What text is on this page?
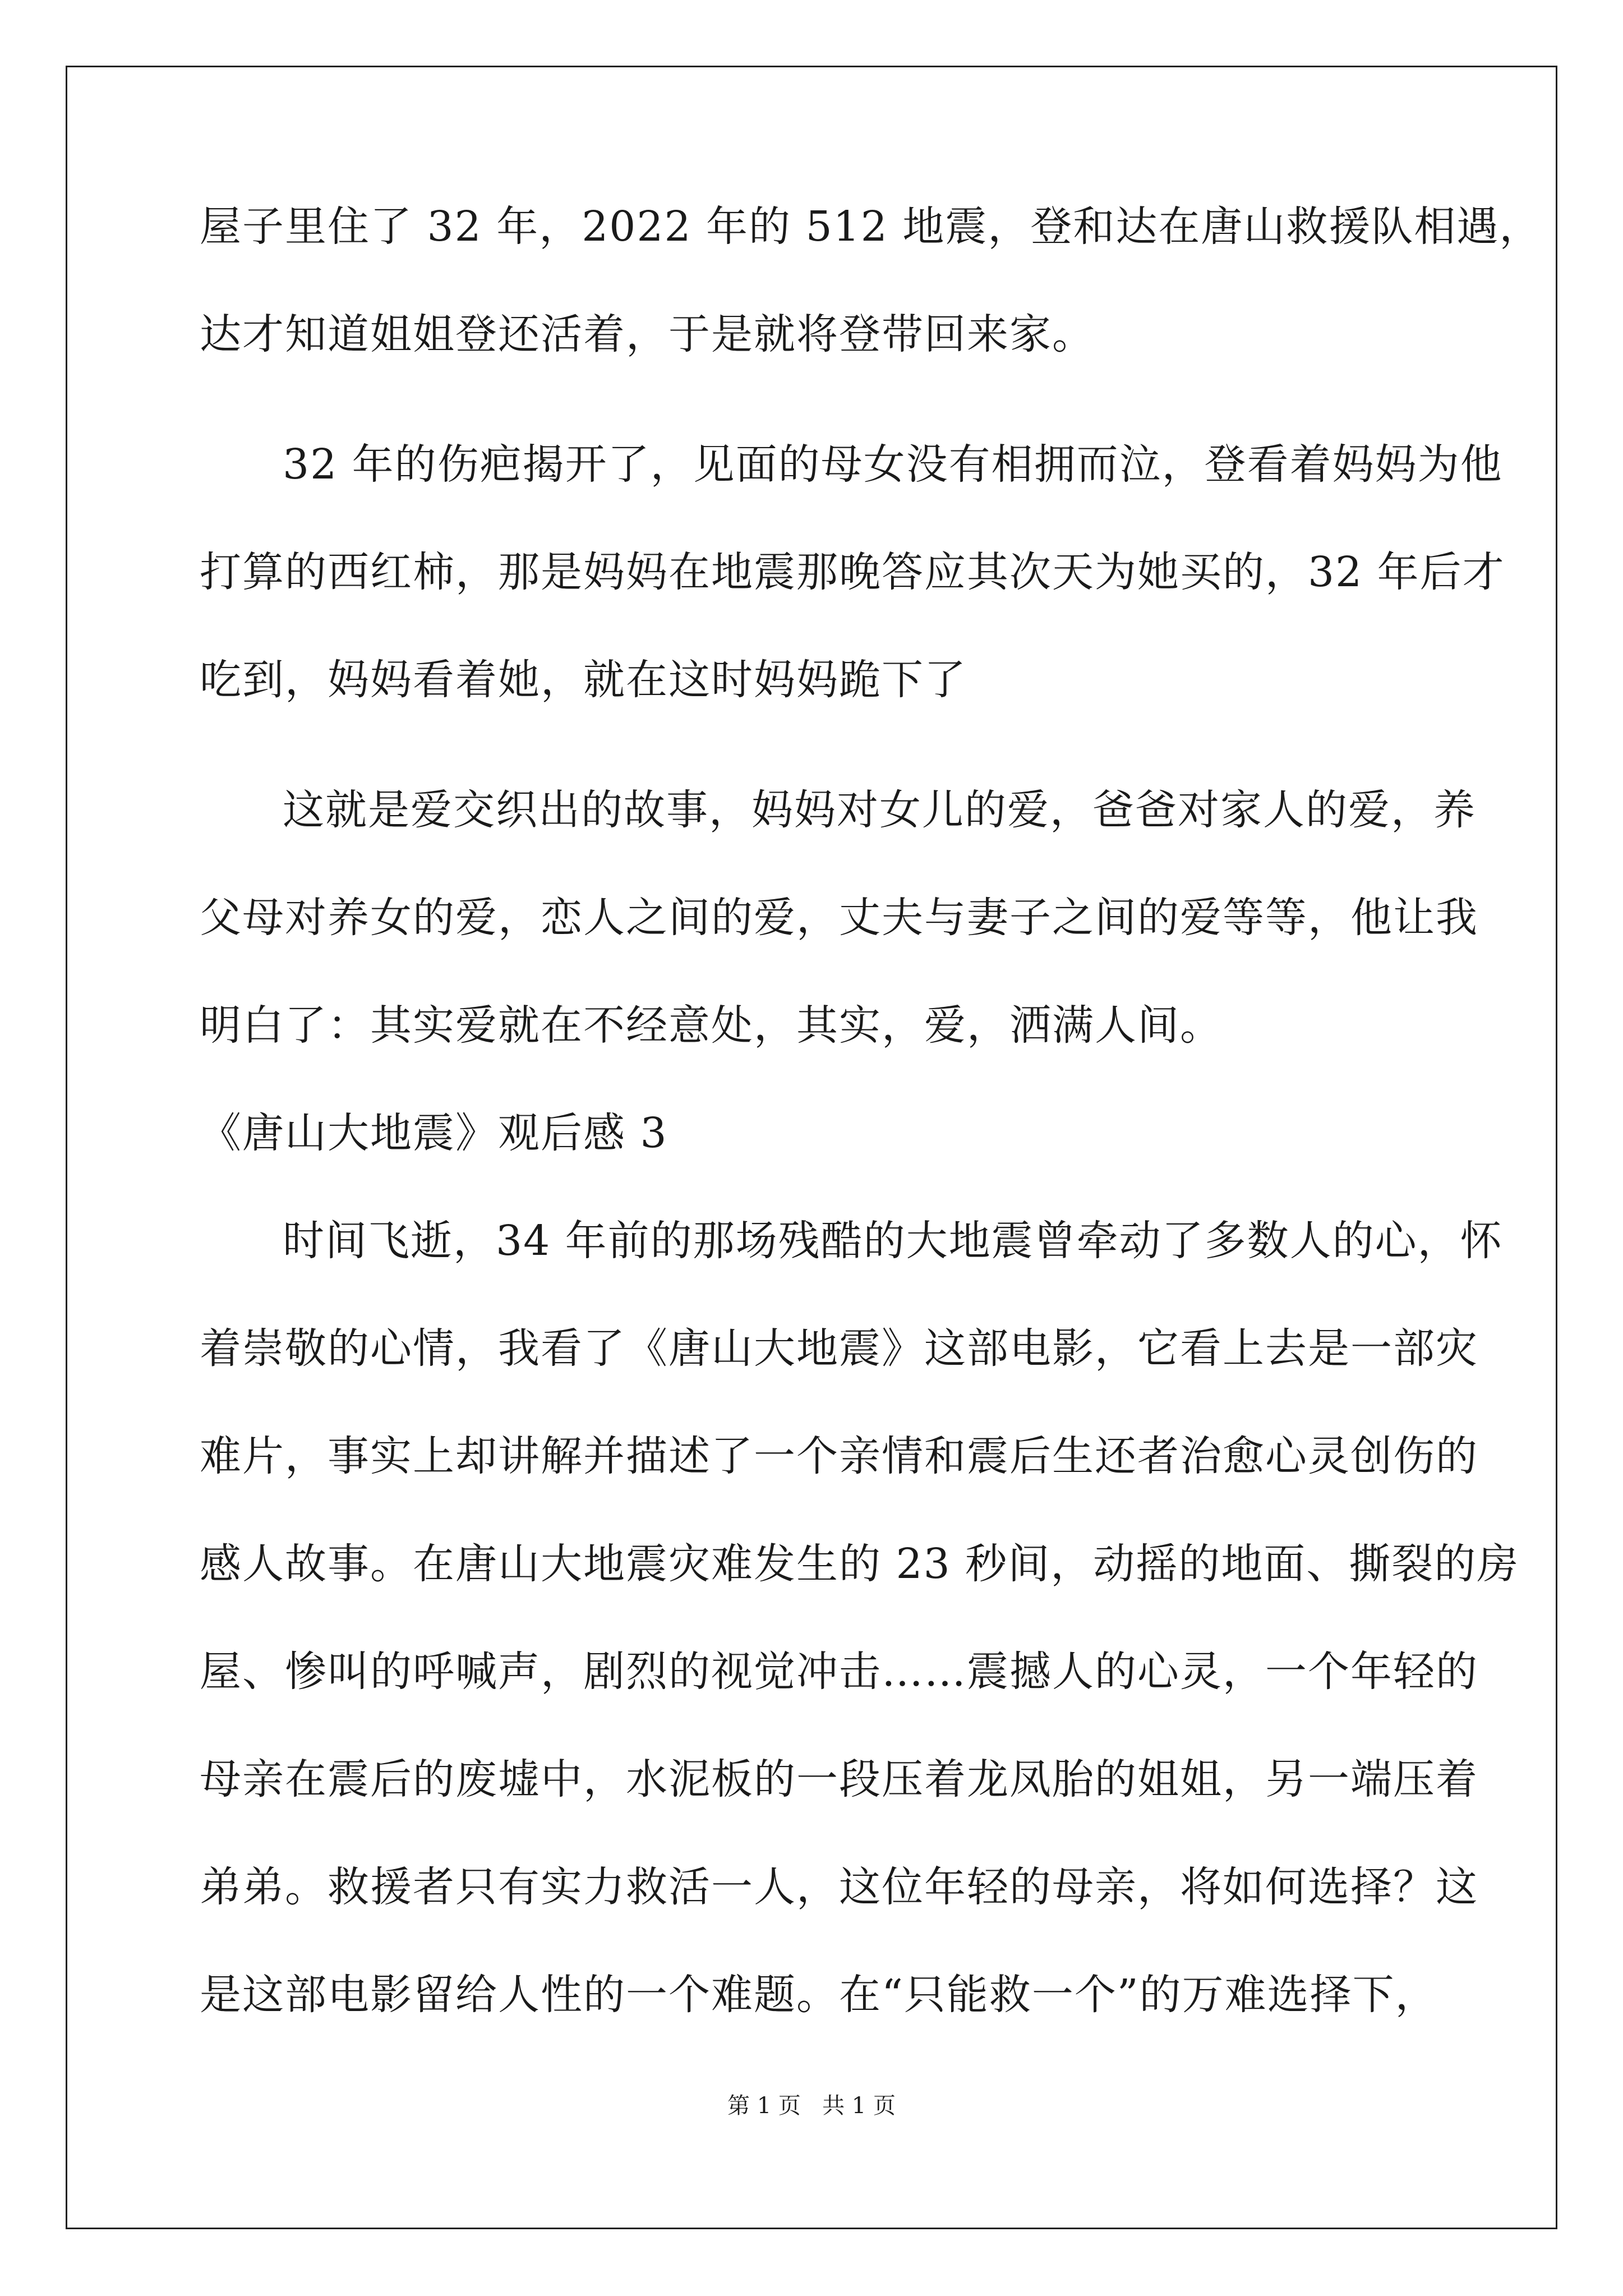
屋子里住了 32 年，2022 年的 512 地震，登和达在唐山救援队相遇，
达才知道姐姐登还活着，于是就将登带回来家。
32 年的伤疤揭开了，见面的母女没有相拥而泣，登看着妈妈为他
打算的西红柿，那是妈妈在地震那晚答应其次天为她买的，32 年后才
吃到，妈妈看着她，就在这时妈妈跪下了
这就是爱交织出的故事，妈妈对女儿的爱，爸爸对家人的爱，养
父母对养女的爱，恋人之间的爱，丈夫与妻子之间的爱等等，他让我
明白了：其实爱就在不经意处，其实，爱，洒满人间。
《唐山大地震》观后感 3
时间飞逝，34 年前的那场残酷的大地震曾牵动了多数人的心，怀
着崇敬的心情，我看了《唐山大地震》这部电影，它看上去是一部灾
难片，事实上却讲解并描述了一个亲情和震后生还者治愈心灵创伤的
感人故事。在唐山大地震灾难发生的 23 秒间，动摇的地面、撕裂的房
屋、惨叫的呼喊声，剧烈的视觉冲击……震撼人的心灵，一个年轻的
母亲在震后的废墟中，水泥板的一段压着龙凤胎的姐姐，另一端压着
弟弟。救援者只有实力救活一人，这位年轻的母亲，将如何选择？这
是这部电影留给人性的一个难题。在“只能救一个”的万难选择下，
第 1 页   共 1 页
